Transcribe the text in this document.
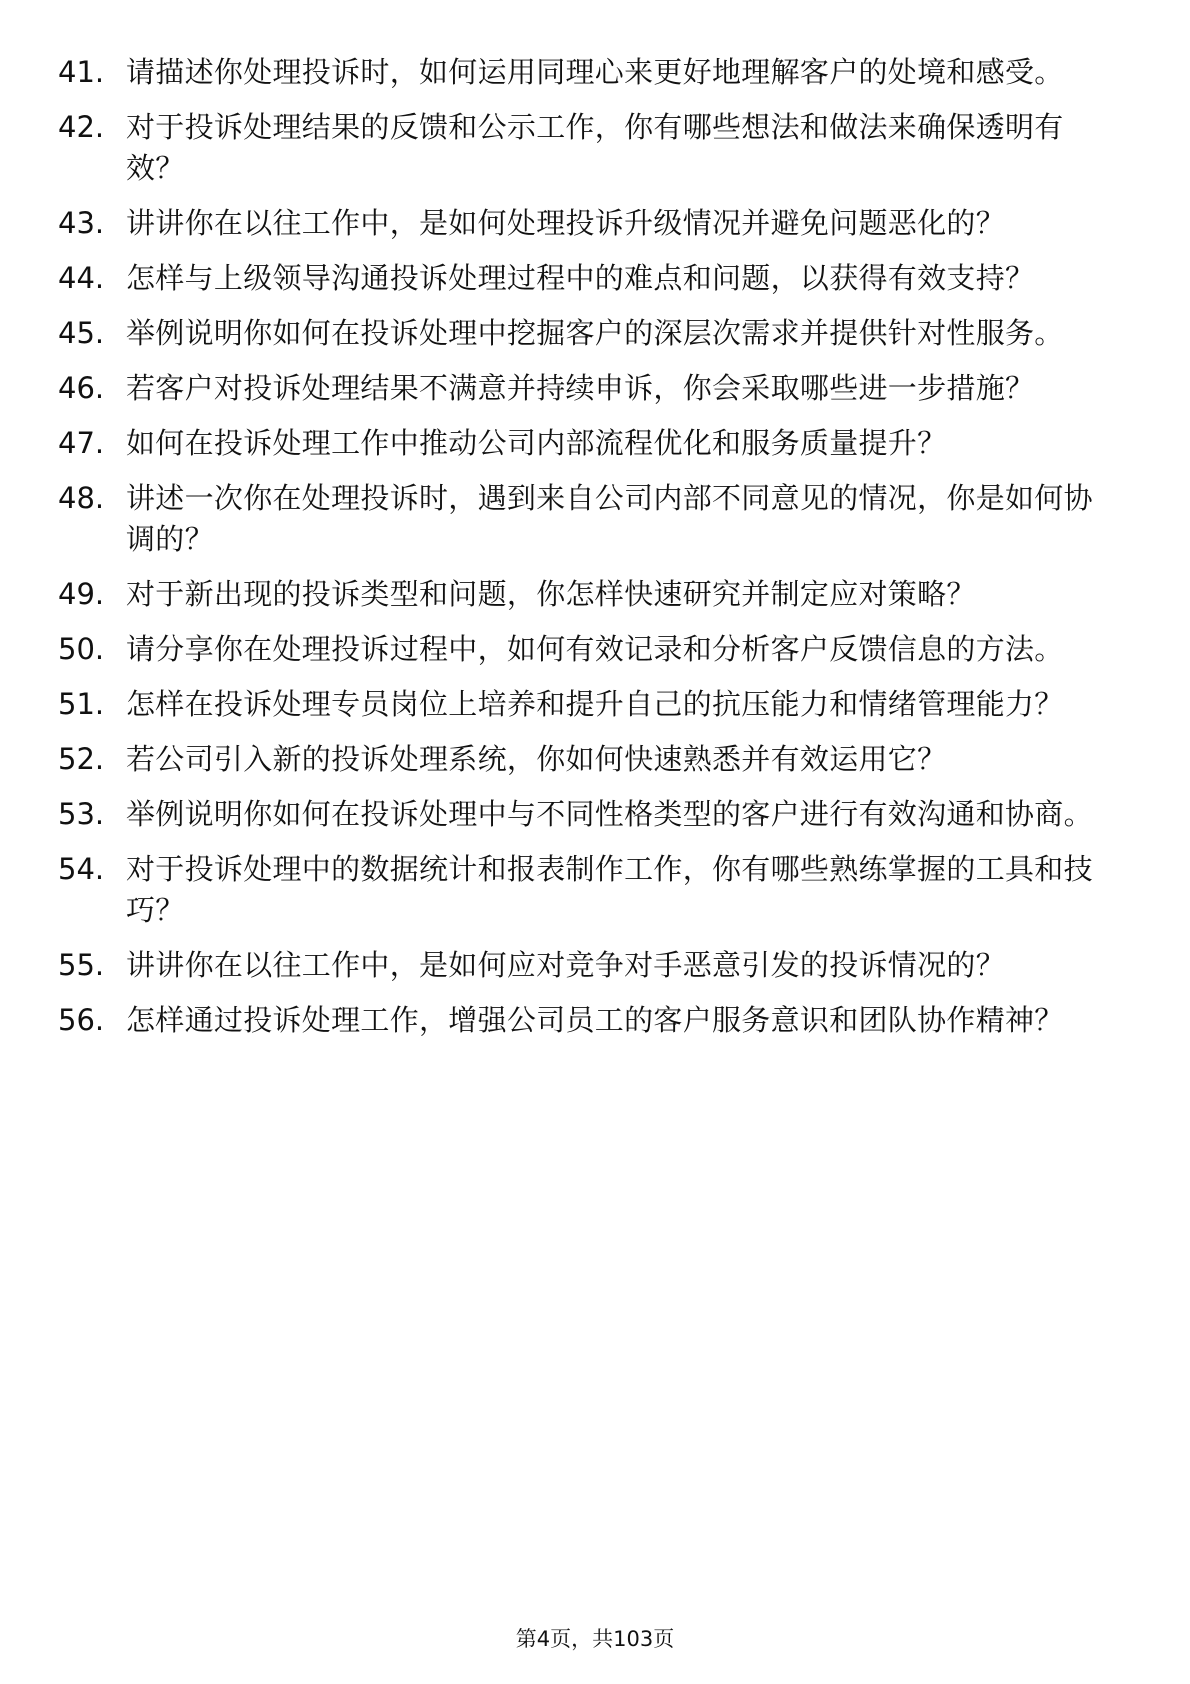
41. 请描述你处理投诉时，如何运用同理心来更好地理解客户的处境和感受。
42. 对于投诉处理结果的反馈和公示工作，你有哪些想法和做法来确保透明有效？
43. 讲讲你在以往工作中，是如何处理投诉升级情况并避免问题恶化的？
44. 怎样与上级领导沟通投诉处理过程中的难点和问题，以获得有效支持？
45. 举例说明你如何在投诉处理中挖掘客户的深层次需求并提供针对性服务。
46. 若客户对投诉处理结果不满意并持续申诉，你会采取哪些进一步措施？
47. 如何在投诉处理工作中推动公司内部流程优化和服务质量提升？
48. 讲述一次你在处理投诉时，遇到来自公司内部不同意见的情况，你是如何协调的？
49. 对于新出现的投诉类型和问题，你怎样快速研究并制定应对策略？
50. 请分享你在处理投诉过程中，如何有效记录和分析客户反馈信息的方法。
51. 怎样在投诉处理专员岗位上培养和提升自己的抗压能力和情绪管理能力？
52. 若公司引入新的投诉处理系统，你如何快速熟悉并有效运用它？
53. 举例说明你如何在投诉处理中与不同性格类型的客户进行有效沟通和协商。
54. 对于投诉处理中的数据统计和报表制作工作，你有哪些熟练掌握的工具和技巧？
55. 讲讲你在以往工作中，是如何应对竞争对手恶意引发的投诉情况的？
56. 怎样通过投诉处理工作，增强公司员工的客户服务意识和团队协作精神？
第4页，共103页
